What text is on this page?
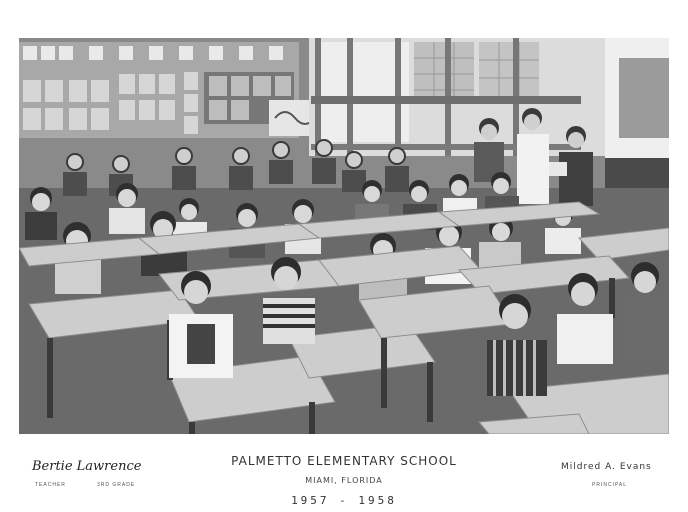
Bertie Lawrence
TEACHER	3RD GRADE
PALMETTO ELEMENTARY SCHOOL
MIAMI, FLORIDA
1957 - 1958
Mildred A. Evans
PRINCIPAL
